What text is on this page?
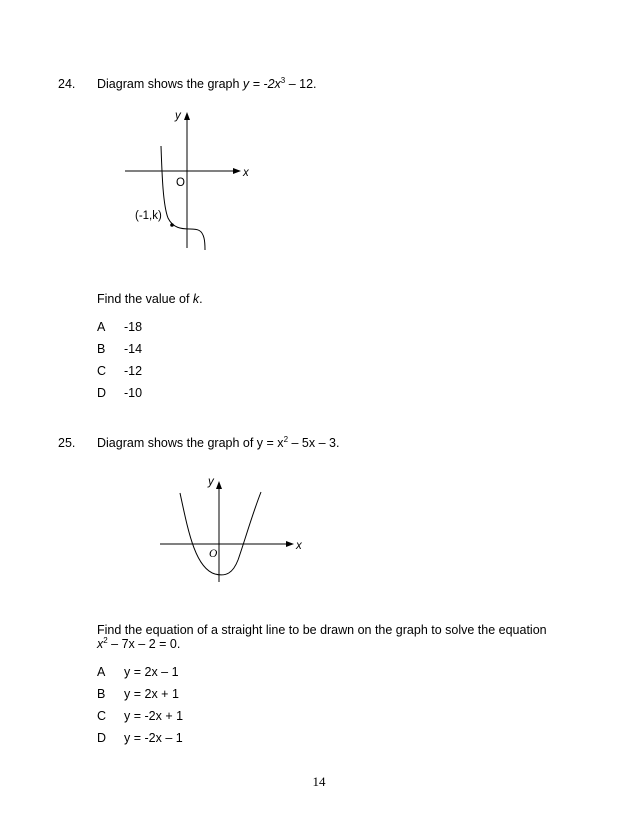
24. Diagram shows the graph $y = -2x^3 - 12$.
y
x
O
(-1,k)
Find the value of k.
A -18
B -14
C -12
D -10
25. Diagram shows the graph of $y = x^2 - 5x - 3$.
y
x
O
Find the equation of a straight line to be drawn on the graph to solve the equation
$x^2 - 7x - 2 = 0$.
A y = 2x – 1
B y = 2x + 1
C y = -2x + 1
D y = -2x – 1
14
